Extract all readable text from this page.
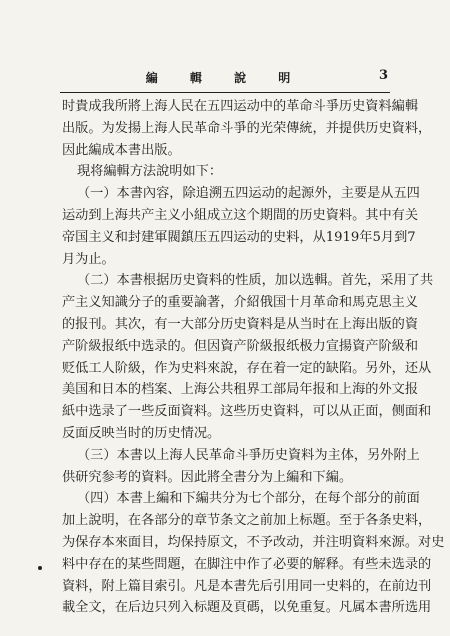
編 輯 說 明	3
时貴成我所將上海人民在五四运动中的革命斗爭历史資料編輯
出版。为发揚上海人民革命斗爭的光荣傳統，并提供历史資料，
因此編成本書出版。
現将編輯方法說明如下：
（一）本書內容，除追溯五四运动的起源外，主要是从五四
运动到上海共产主义小組成立这个期間的历史資料。其中有关
帝国主义和封建軍閥鎮压五四运动的史料，从1919年5月到7
月为止。
（二）本書根据历史資料的性质，加以选輯。首先，采用了共
产主义知識分子的重要論著，介紹俄国十月革命和馬克思主义
的报刊。其次，有一大部分历史資料是从当时在上海出版的資
产阶級报纸中选录的。但因資产阶級报纸极力宣揚資产阶級和
贬低工人阶級，作为史料來說，存在着一定的缺陷。另外，还从
美国和日本的档案、上海公共租界工部局年报和上海的外文报
紙中选录了一些反面資料。这些历史資料，可以从正面，侧面和
反面反映当时的历史情况。
（三）本書以上海人民革命斗爭历史資料为主体，另外附上
供研究参考的資料。因此將全書分为上編和下編。
（四）本書上編和下編共分为七个部分，在每个部分的前面
加上說明，在各部分的章节条文之前加上标題。至于各条史料，
为保存本來面目，均保持原文，不予改动，并注明資料來源。对史
料中存在的某些問題，在脚注中作了必要的解释。有些未选录的
資料，附上篇目索引。凡是本書先后引用同一史料的，在前边刊
載全文，在后边只列入标題及頁碼，以免重复。凡属本書所选用
